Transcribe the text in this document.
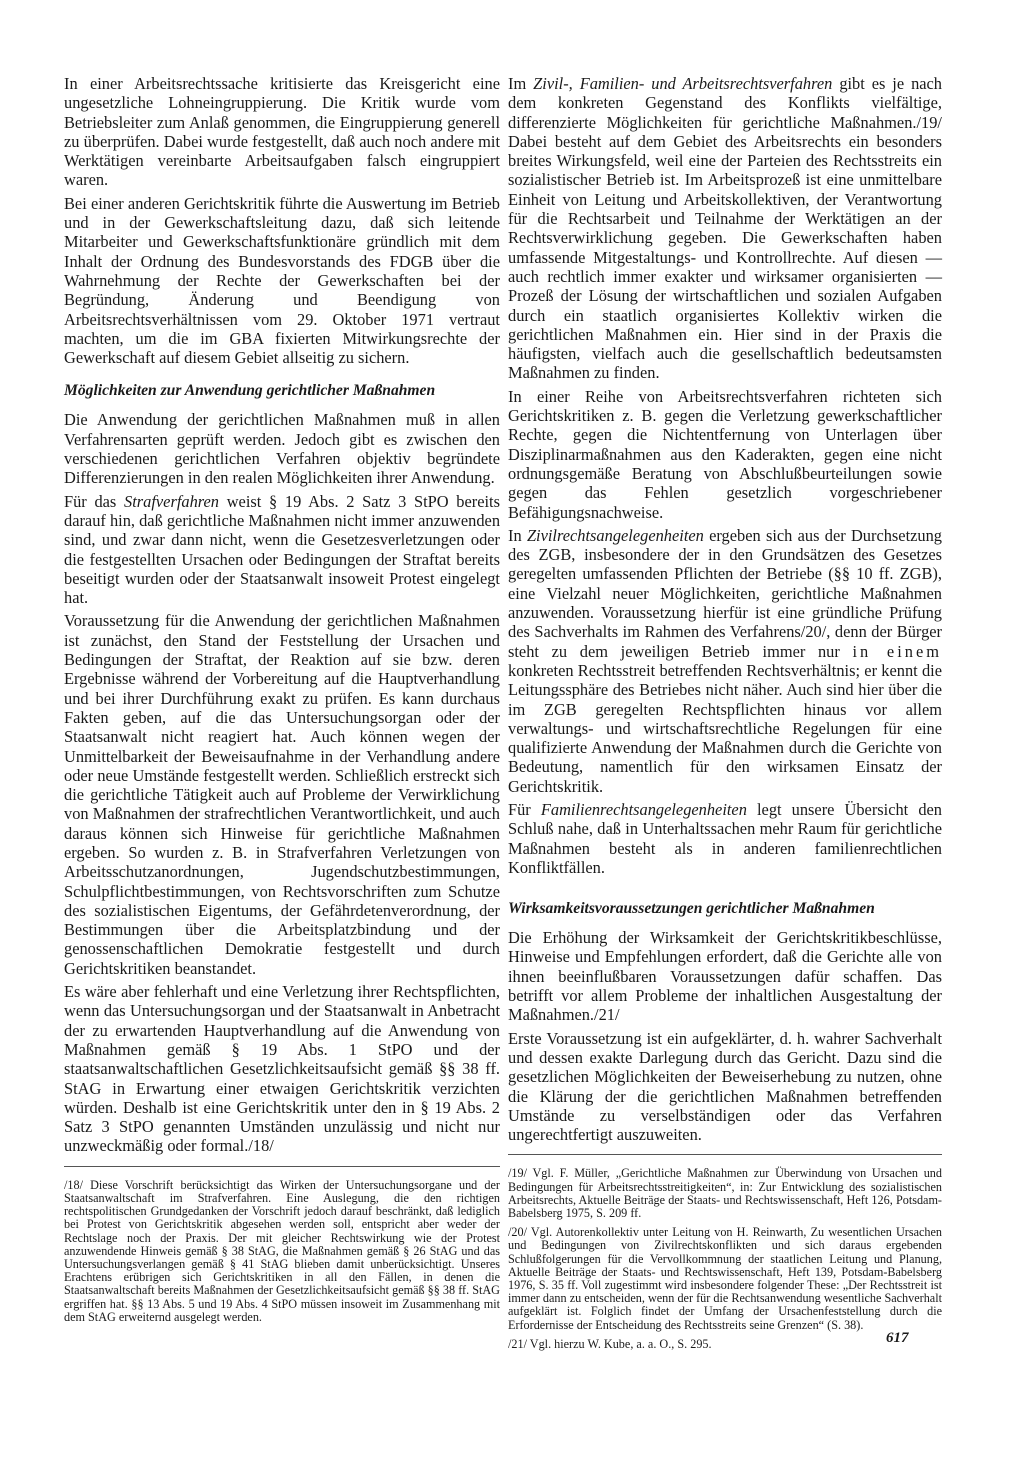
In einer Arbeitsrechtssache kritisierte das Kreisgericht eine ungesetzliche Lohneingruppierung. Die Kritik wurde vom Betriebsleiter zum Anlaß genommen, die Eingruppierung generell zu überprüfen. Dabei wurde festgestellt, daß auch noch andere mit Werktätigen vereinbarte Arbeitsaufgaben falsch eingruppiert waren.

Bei einer anderen Gerichtskritik führte die Auswertung im Betrieb und in der Gewerkschaftsleitung dazu, daß sich leitende Mitarbeiter und Gewerkschaftsfunktionäre gründlich mit dem Inhalt der Ordnung des Bundesvorstands des FDGB über die Wahrnehmung der Rechte der Gewerkschaften bei der Begründung, Änderung und Beendigung von Arbeitsrechtsverhältnissen vom 29. Oktober 1971 vertraut machten, um die im GBA fixierten Mitwirkungsrechte der Gewerkschaft auf diesem Gebiet allseitig zu sichern.

Möglichkeiten zur Anwendung gerichtlicher Maßnahmen

Die Anwendung der gerichtlichen Maßnahmen muß in allen Verfahrensarten geprüft werden. Jedoch gibt es zwischen den verschiedenen gerichtlichen Verfahren objektiv begründete Differenzierungen in den realen Möglichkeiten ihrer Anwendung.

Für das Strafverfahren weist § 19 Abs. 2 Satz 3 StPO bereits darauf hin, daß gerichtliche Maßnahmen nicht immer anzuwenden sind, und zwar dann nicht, wenn die Gesetzesverletzungen oder die festgestellten Ursachen oder Bedingungen der Straftat bereits beseitigt wurden oder der Staatsanwalt insoweit Protest eingelegt hat.

Voraussetzung für die Anwendung der gerichtlichen Maßnahmen ist zunächst, den Stand der Feststellung der Ursachen und Bedingungen der Straftat, der Reaktion auf sie bzw. deren Ergebnisse während der Vorbereitung auf die Hauptverhandlung und bei ihrer Durchführung exakt zu prüfen. Es kann durchaus Fakten geben, auf die das Untersuchungsorgan oder der Staatsanwalt nicht reagiert hat. Auch können wegen der Unmittelbarkeit der Beweisaufnahme in der Verhandlung andere oder neue Umstände festgestellt werden. Schließlich erstreckt sich die gerichtliche Tätigkeit auch auf Probleme der Verwirklichung von Maßnahmen der strafrechtlichen Verantwortlichkeit, und auch daraus können sich Hinweise für gerichtliche Maßnahmen ergeben. So wurden z. B. in Strafverfahren Verletzungen von Arbeitsschutzanordnungen, Jugendschutzbestimmungen, Schulpflichtbestimmungen, von Rechtsvorschriften zum Schutze des sozialistischen Eigentums, der Gefährdetenverordnung, der Bestimmungen über die Arbeitsplatzbindung und der genossenschaftlichen Demokratie festgestellt und durch Gerichtskritiken beanstandet.

Es wäre aber fehlerhaft und eine Verletzung ihrer Rechtspflichten, wenn das Untersuchungsorgan und der Staatsanwalt in Anbetracht der zu erwartenden Hauptverhandlung auf die Anwendung von Maßnahmen gemäß § 19 Abs. 1 StPO und der staatsanwaltschaftlichen Gesetzlichkeitsaufsicht gemäß §§ 38 ff. StAG in Erwartung einer etwaigen Gerichtskritik verzichten würden. Deshalb ist eine Gerichtskritik unter den in § 19 Abs. 2 Satz 3 StPO genannten Umständen unzulässig und nicht nur unzweckmäßig oder formal./18/

/18/ Diese Vorschrift berücksichtigt das Wirken der Untersuchungsorgane und der Staatsanwaltschaft im Strafverfahren. Eine Auslegung, die den richtigen rechtspolitischen Grundgedanken der Vorschrift jedoch darauf beschränkt, daß lediglich bei Protest von Gerichtskritik abgesehen werden soll, entspricht aber weder der Rechtslage noch der Praxis. Der mit gleicher Rechtswirkung wie der Protest anzuwendende Hinweis gemäß § 38 StAG, die Maßnahmen gemäß § 26 StAG und das Untersuchungsverlangen gemäß § 41 StAG blieben damit unberücksichtigt. Unseres Erachtens erübrigen sich Gerichtskritiken in all den Fällen, in denen die Staatsanwaltschaft bereits Maßnahmen der Gesetzlichkeitsaufsicht gemäß §§ 38 ff. StAG ergriffen hat. §§ 13 Abs. 5 und 19 Abs. 4 StPO müssen insoweit im Zusammenhang mit dem StAG erweiternd ausgelegt werden.

Im Zivil-, Familien- und Arbeitsrechtsverfahren gibt es je nach dem konkreten Gegenstand des Konflikts vielfältige, differenzierte Möglichkeiten für gerichtliche Maßnahmen./19/ Dabei besteht auf dem Gebiet des Arbeitsrechts ein besonders breites Wirkungsfeld, weil eine der Parteien des Rechtsstreits ein sozialistischer Betrieb ist. Im Arbeitsprozeß ist eine unmittelbare Einheit von Leitung und Arbeitskollektiven, der Verantwortung für die Rechtsarbeit und Teilnahme der Werktätigen an der Rechtsverwirklichung gegeben. Die Gewerkschaften haben umfassende Mitgestaltungs- und Kontrollrechte. Auf diesen — auch rechtlich immer exakter und wirksamer organisierten — Prozeß der Lösung der wirtschaftlichen und sozialen Aufgaben durch ein staatlich organisiertes Kollektiv wirken die gerichtlichen Maßnahmen ein. Hier sind in der Praxis die häufigsten, vielfach auch die gesellschaftlich bedeutsamsten Maßnahmen zu finden.

In einer Reihe von Arbeitsrechtsverfahren richteten sich Gerichtskritiken z. B. gegen die Verletzung gewerkschaftlicher Rechte, gegen die Nichtentfernung von Unterlagen über Disziplinarmaßnahmen aus den Kaderakten, gegen eine nicht ordnungsgemäße Beratung von Abschlußbeurteilungen sowie gegen das Fehlen gesetzlich vorgeschriebener Befähigungsnachweise.

In Zivilrechtsangelegenheiten ergeben sich aus der Durchsetzung des ZGB, insbesondere der in den Grundsätzen des Gesetzes geregelten umfassenden Pflichten der Betriebe (§§ 10 ff. ZGB), eine Vielzahl neuer Möglichkeiten, gerichtliche Maßnahmen anzuwenden. Voraussetzung hierfür ist eine gründliche Prüfung des Sachverhalts im Rahmen des Verfahrens/20/, denn der Bürger steht zu dem jeweiligen Betrieb immer nur in einem konkreten Rechtsstreit betreffenden Rechtsverhältnis; er kennt die Leitungssphäre des Betriebes nicht näher. Auch sind hier über die im ZGB geregelten Rechtspflichten hinaus vor allem verwaltungs- und wirtschaftsrechtliche Regelungen für eine qualifizierte Anwendung der Maßnahmen durch die Gerichte von Bedeutung, namentlich für den wirksamen Einsatz der Gerichtskritik.

Für Familienrechtsangelegenheiten legt unsere Übersicht den Schluß nahe, daß in Unterhaltssachen mehr Raum für gerichtliche Maßnahmen besteht als in anderen familienrechtlichen Konfliktfällen.

Wirksamkeitsvoraussetzungen gerichtlicher Maßnahmen

Die Erhöhung der Wirksamkeit der Gerichtskritikbeschlüsse, Hinweise und Empfehlungen erfordert, daß die Gerichte alle von ihnen beeinflußbaren Voraussetzungen dafür schaffen. Das betrifft vor allem Probleme der inhaltlichen Ausgestaltung der Maßnahmen./21/

Erste Voraussetzung ist ein aufgeklärter, d. h. wahrer Sachverhalt und dessen exakte Darlegung durch das Gericht. Dazu sind die gesetzlichen Möglichkeiten der Beweiserhebung zu nutzen, ohne die Klärung der die gerichtlichen Maßnahmen betreffenden Umstände zu verselbständigen oder das Verfahren ungerechtfertigt auszuweiten.

/19/ Vgl. F. Müller, „Gerichtliche Maßnahmen zur Überwindung von Ursachen und Bedingungen für Arbeitsrechtsstreitigkeiten“, in: Zur Entwicklung des sozialistischen Arbeitsrechts, Aktuelle Beiträge der Staats- und Rechtswissenschaft, Heft 126, Potsdam-Babelsberg 1975, S. 209 ff.

/20/ Vgl. Autorenkollektiv unter Leitung von H. Reinwarth, Zu wesentlichen Ursachen und Bedingungen von Zivilrechtskonflikten und sich daraus ergebenden Schlußfolgerungen für die Vervollkommnung der staatlichen Leitung und Planung, Aktuelle Beiträge der Staats- und Rechtswissenschaft, Heft 139, Potsdam-Babelsberg 1976, S. 35 ff. Voll zugestimmt wird insbesondere folgender These: „Der Rechtsstreit ist immer dann zu entscheiden, wenn der für die Rechtsanwendung wesentliche Sachverhalt aufgeklärt ist. Folglich findet der Umfang der Ursachenfeststellung durch die Erfordernisse der Entscheidung des Rechtsstreits seine Grenzen“ (S. 38).

/21/ Vgl. hierzu W. Kube, a. a. O., S. 295.	617
